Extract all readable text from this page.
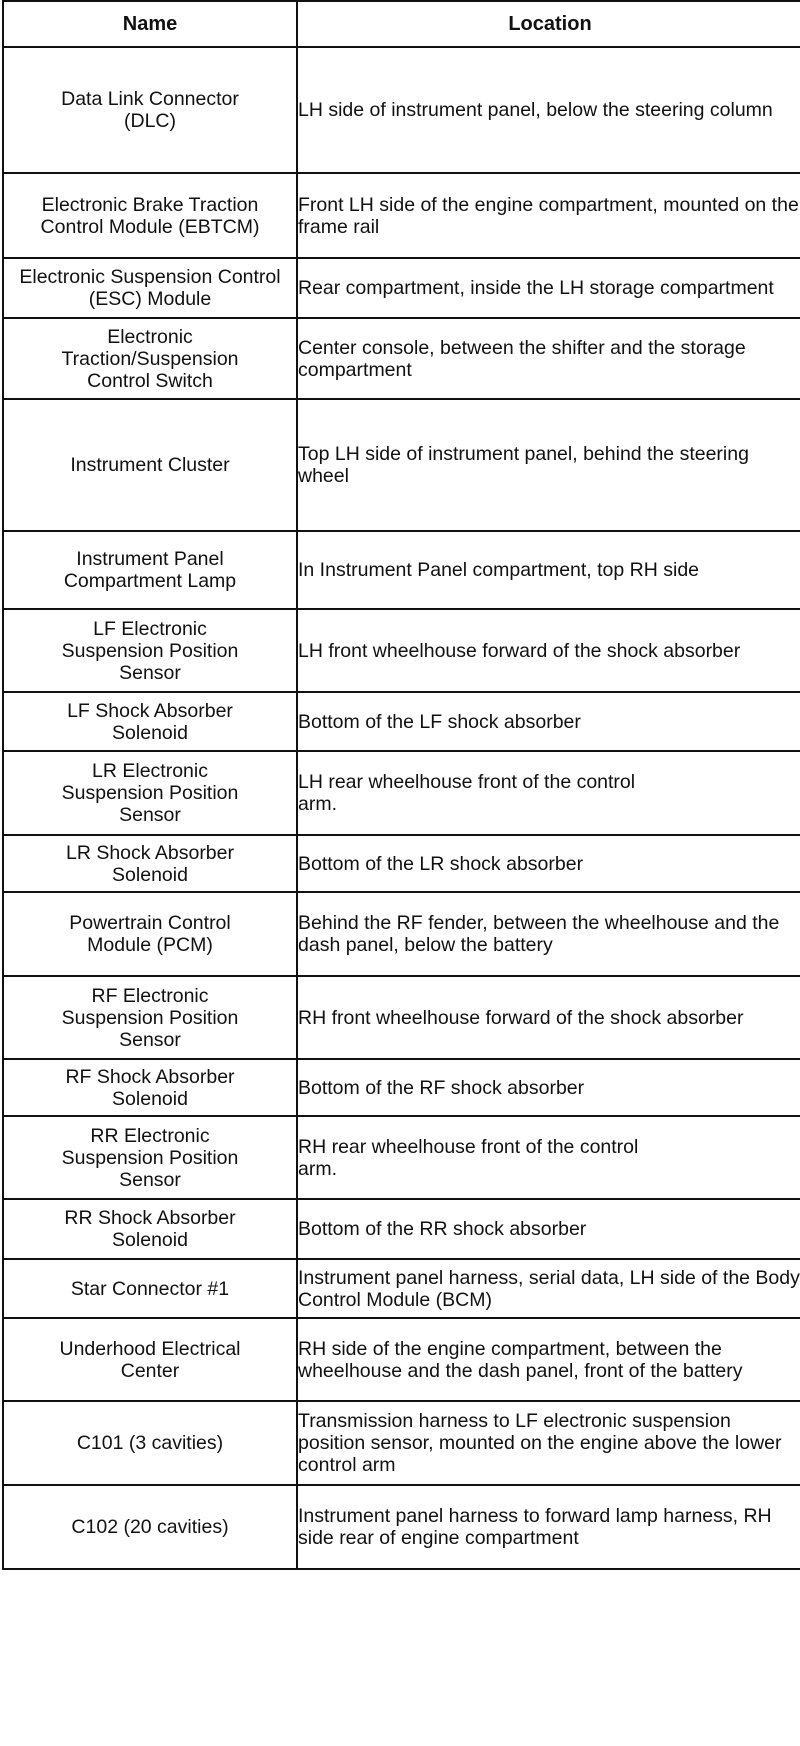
Name	Location
Data Link Connector (DLC)	LH side of instrument panel, below the steering column
Electronic Brake Traction Control Module (EBTCM)	Front LH side of the engine compartment, mounted on the frame rail
Electronic Suspension Control (ESC) Module	Rear compartment, inside the LH storage compartment
Electronic Traction/Suspension Control Switch	Center console, between the shifter and the storage compartment
Instrument Cluster	Top LH side of instrument panel, behind the steering wheel
Instrument Panel Compartment Lamp	In Instrument Panel compartment, top RH side
LF Electronic Suspension Position Sensor	LH front wheelhouse forward of the shock absorber
LF Shock Absorber Solenoid	Bottom of the LF shock absorber
LR Electronic Suspension Position Sensor	LH rear wheelhouse front of the control arm.
LR Shock Absorber Solenoid	Bottom of the LR shock absorber
Powertrain Control Module (PCM)	Behind the RF fender, between the wheelhouse and the dash panel, below the battery
RF Electronic Suspension Position Sensor	RH front wheelhouse forward of the shock absorber
RF Shock Absorber Solenoid	Bottom of the RF shock absorber
RR Electronic Suspension Position Sensor	RH rear wheelhouse front of the control arm.
RR Shock Absorber Solenoid	Bottom of the RR shock absorber
Star Connector #1	Instrument panel harness, serial data, LH side of the Body Control Module (BCM)
Underhood Electrical Center	RH side of the engine compartment, between the wheelhouse and the dash panel, front of the battery
C101 (3 cavities)	Transmission harness to LF electronic suspension position sensor, mounted on the engine above the lower control arm
C102 (20 cavities)	Instrument panel harness to forward lamp harness, RH side rear of engine compartment
